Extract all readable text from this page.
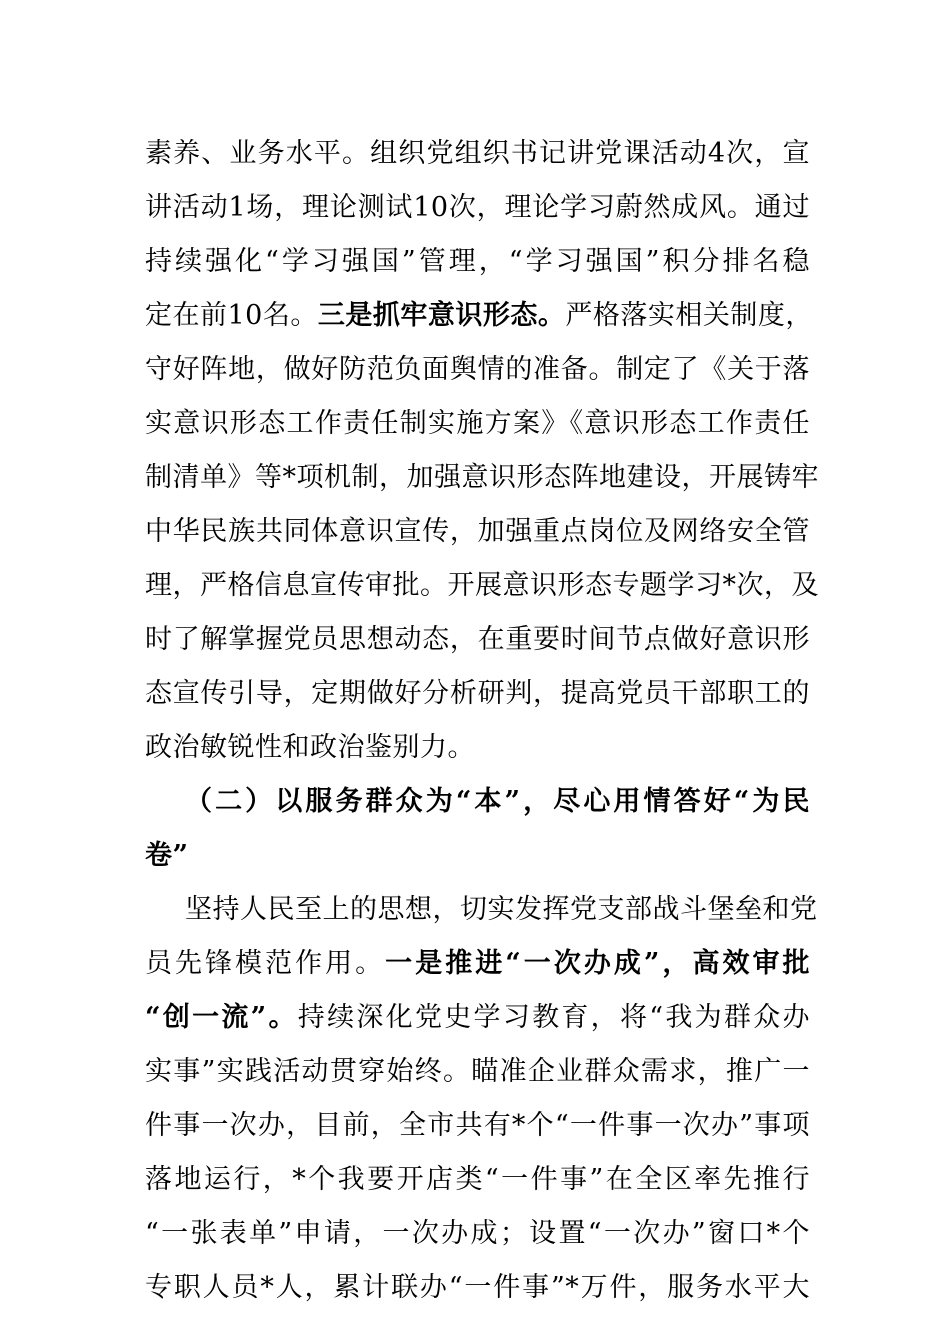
素养、业务水平。组织党组织书记讲党课活动4次，宣
讲活动1场，理论测试10次，理论学习蔚然成风。通过
持续强化“学习强国”管理，“学习强国”积分排名稳
定在前10名。三是抓牢意识形态。严格落实相关制度，
守好阵地，做好防范负面舆情的准备。制定了《关于落
实意识形态工作责任制实施方案》《意识形态工作责任
制清单》等*项机制，加强意识形态阵地建设，开展铸牢
中华民族共同体意识宣传，加强重点岗位及网络安全管
理，严格信息宣传审批。开展意识形态专题学习*次，及
时了解掌握党员思想动态，在重要时间节点做好意识形
态宣传引导，定期做好分析研判，提高党员干部职工的
政治敏锐性和政治鉴别力。
（二）以服务群众为“本”，尽心用情答好“为民
卷”
坚持人民至上的思想，切实发挥党支部战斗堡垒和党
员先锋模范作用。一是推进“一次办成”，高效审批
“创一流”。持续深化党史学习教育，将“我为群众办
实事”实践活动贯穿始终。瞄准企业群众需求，推广一
件事一次办，目前，全市共有*个“一件事一次办”事项
落地运行，*个我要开店类“一件事”在全区率先推行
“一张表单”申请，一次办成；设置“一次办”窗口*个
专职人员*人，累计联办“一件事”*万件，服务水平大
